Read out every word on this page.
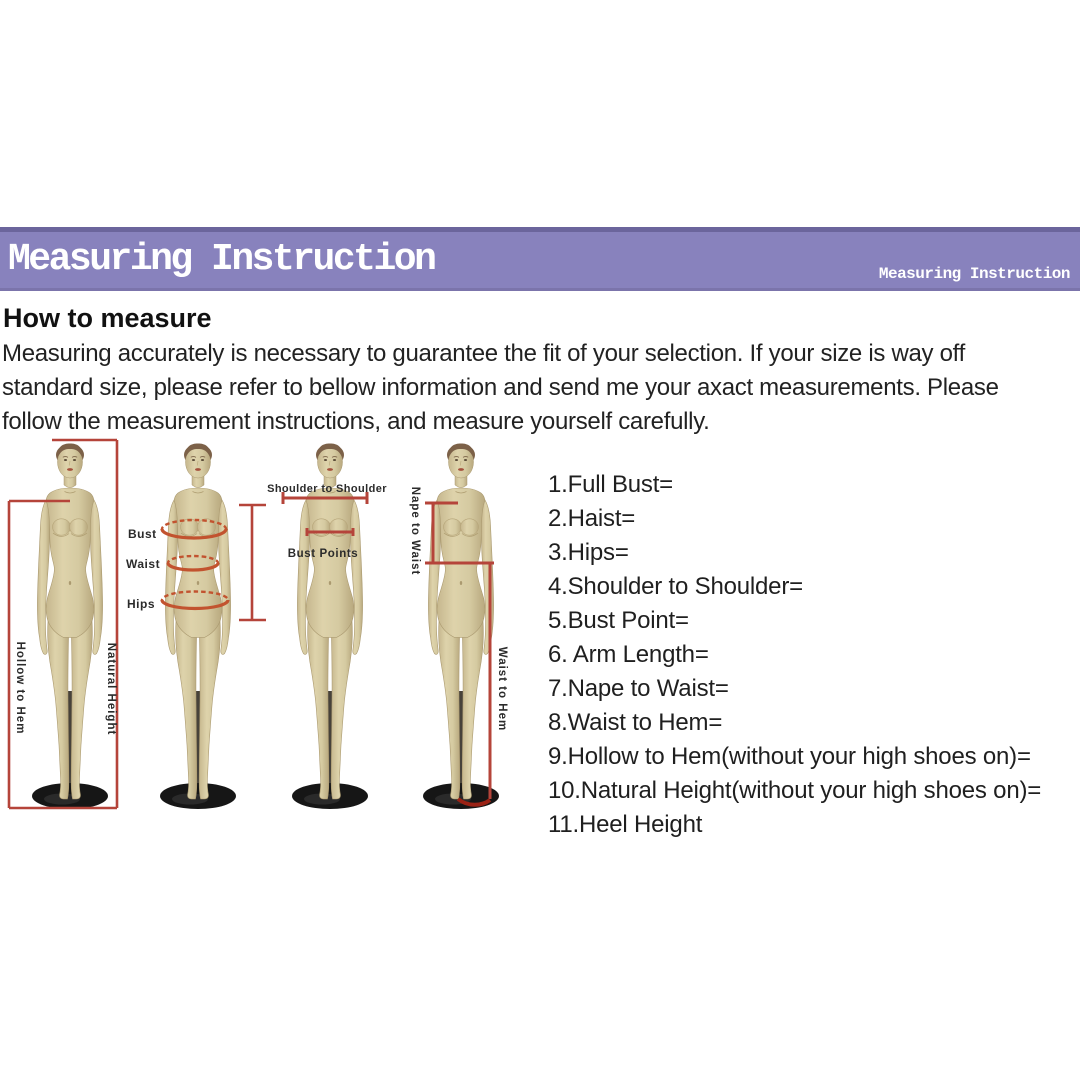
Measuring Instruction	Measuring Instruction
How to measure

Measuring accurately is necessary to guarantee the fit of your selection. If your size is way off standard size, please refer to bellow information and send me your axact measurements. Please follow the measurement instructions, and measure yourself carefully.

Hollow to Hem	Natural Height
Bust
Waist
Hips
Shoulder to Shoulder
Bust Points	Nape to Waist
Waist to Hem
1.Full Bust=
2.Haist=
3.Hips=
4.Shoulder to Shoulder=
5.Bust Point=
6. Arm Length=
7.Nape to Waist=
8.Waist to Hem=
9.Hollow to Hem(without your high shoes on)=
10.Natural Height(without your high shoes on)=
11.Heel Height
